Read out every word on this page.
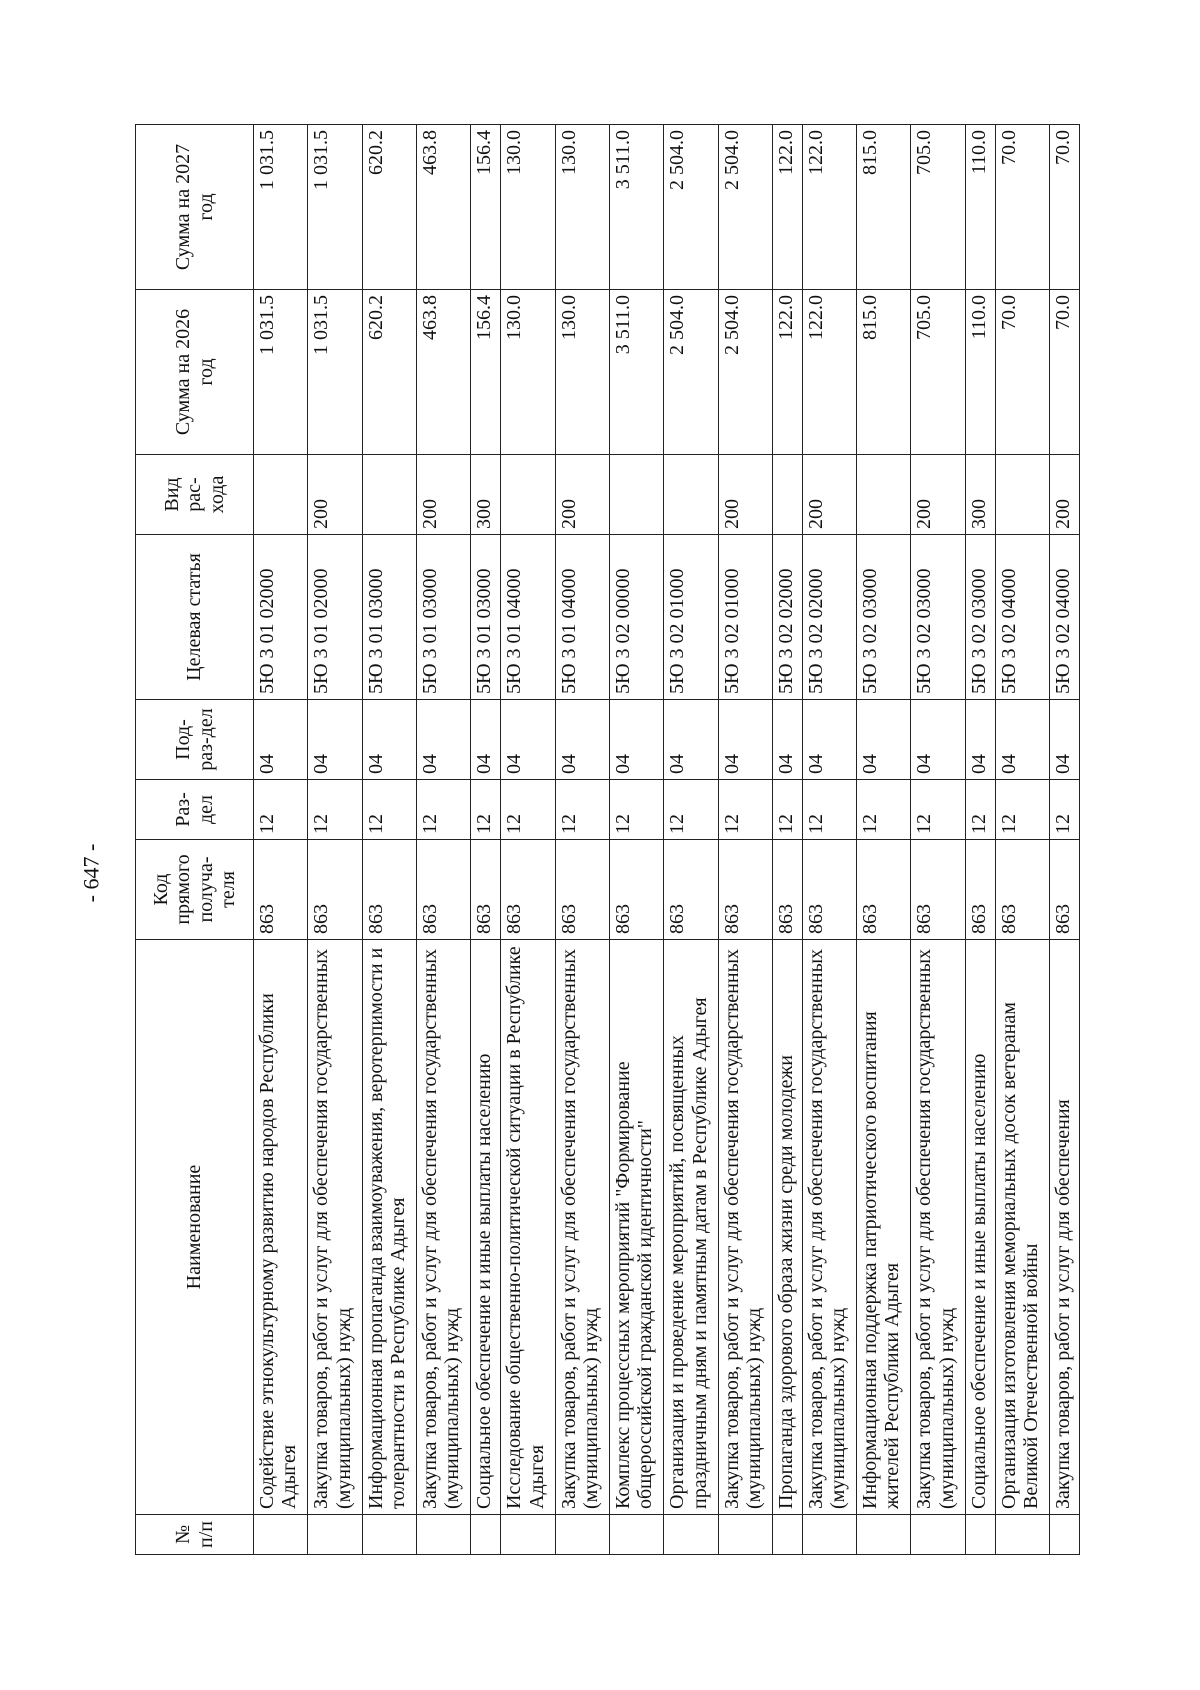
- 647 -
№ п/п	Наименование	Код прямого получа-теля	Раз-дел	Под-раз-дел	Целевая статья	Вид рас-хода	Сумма на 2026 год	Сумма на 2027 год
	Содействие этнокультурному развитию народов Республики Адыгея	863	12	04	5Ю 3 01 02000		1 031.5	1 031.5
	Закупка товаров, работ и услуг для обеспечения государственных (муниципальных) нужд	863	12	04	5Ю 3 01 02000	200	1 031.5	1 031.5
	Информационная пропаганда взаимоуважения, веротерпимости и толерантности в Республике Адыгея	863	12	04	5Ю 3 01 03000		620.2	620.2
	Закупка товаров, работ и услуг для обеспечения государственных (муниципальных) нужд	863	12	04	5Ю 3 01 03000	200	463.8	463.8
	Социальное обеспечение и иные выплаты населению	863	12	04	5Ю 3 01 03000	300	156.4	156.4
	Исследование общественно-политической ситуации в Республике Адыгея	863	12	04	5Ю 3 01 04000		130.0	130.0
	Закупка товаров, работ и услуг для обеспечения государственных (муниципальных) нужд	863	12	04	5Ю 3 01 04000	200	130.0	130.0
	Комплекс процессных мероприятий "Формирование общероссийской гражданской идентичности"	863	12	04	5Ю 3 02 00000		3 511.0	3 511.0
	Организация и проведение мероприятий, посвященных праздничным дням и памятным датам в Республике Адыгея	863	12	04	5Ю 3 02 01000		2 504.0	2 504.0
	Закупка товаров, работ и услуг для обеспечения государственных (муниципальных) нужд	863	12	04	5Ю 3 02 01000	200	2 504.0	2 504.0
	Пропаганда здорового образа жизни среди молодежи	863	12	04	5Ю 3 02 02000		122.0	122.0
	Закупка товаров, работ и услуг для обеспечения государственных (муниципальных) нужд	863	12	04	5Ю 3 02 02000	200	122.0	122.0
	Информационная поддержка патриотического воспитания жителей Республики Адыгея	863	12	04	5Ю 3 02 03000		815.0	815.0
	Закупка товаров, работ и услуг для обеспечения государственных (муниципальных) нужд	863	12	04	5Ю 3 02 03000	200	705.0	705.0
	Социальное обеспечение и иные выплаты населению	863	12	04	5Ю 3 02 03000	300	110.0	110.0
	Организация изготовления мемориальных досок ветеранам Великой Отечественной войны	863	12	04	5Ю 3 02 04000		70.0	70.0
	Закупка товаров, работ и услуг для обеспечения	863	12	04	5Ю 3 02 04000	200	70.0	70.0
